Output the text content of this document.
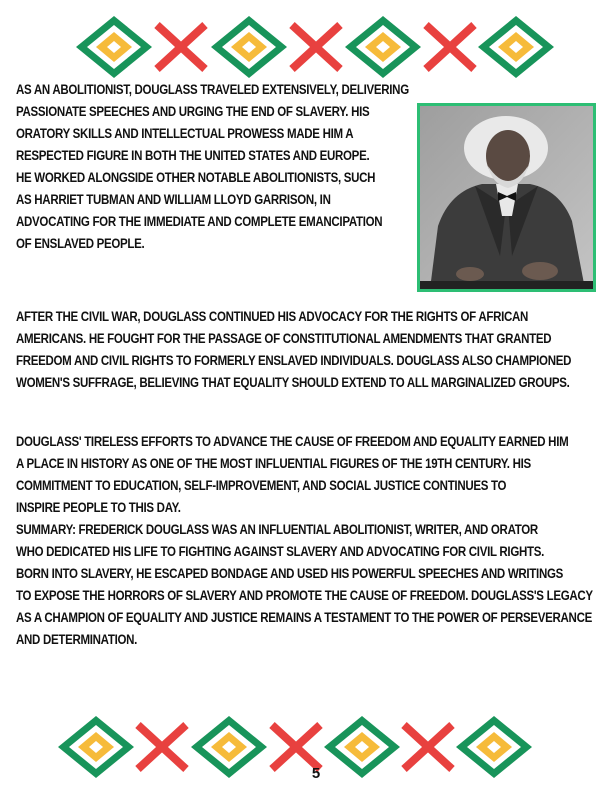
AS AN ABOLITIONIST, DOUGLASS TRAVELED EXTENSIVELY, DELIVERING
PASSIONATE SPEECHES AND URGING THE END OF SLAVERY. HIS
ORATORY SKILLS AND INTELLECTUAL PROWESS MADE HIM A
RESPECTED FIGURE IN BOTH THE UNITED STATES AND EUROPE.
HE WORKED ALONGSIDE OTHER NOTABLE ABOLITIONISTS, SUCH
AS HARRIET TUBMAN AND WILLIAM LLOYD GARRISON, IN
ADVOCATING FOR THE IMMEDIATE AND COMPLETE EMANCIPATION
OF ENSLAVED PEOPLE.
AFTER THE CIVIL WAR, DOUGLASS CONTINUED HIS ADVOCACY FOR THE RIGHTS OF AFRICAN
AMERICANS. HE FOUGHT FOR THE PASSAGE OF CONSTITUTIONAL AMENDMENTS THAT GRANTED
FREEDOM AND CIVIL RIGHTS TO FORMERLY ENSLAVED INDIVIDUALS. DOUGLASS ALSO CHAMPIONED
WOMEN'S SUFFRAGE, BELIEVING THAT EQUALITY SHOULD EXTEND TO ALL MARGINALIZED GROUPS.
DOUGLASS' TIRELESS EFFORTS TO ADVANCE THE CAUSE OF FREEDOM AND EQUALITY EARNED HIM
A PLACE IN HISTORY AS ONE OF THE MOST INFLUENTIAL FIGURES OF THE 19TH CENTURY. HIS
COMMITMENT TO EDUCATION, SELF-IMPROVEMENT, AND SOCIAL JUSTICE CONTINUES TO
INSPIRE PEOPLE TO THIS DAY.
SUMMARY: FREDERICK DOUGLASS WAS AN INFLUENTIAL ABOLITIONIST, WRITER, AND ORATOR
WHO DEDICATED HIS LIFE TO FIGHTING AGAINST SLAVERY AND ADVOCATING FOR CIVIL RIGHTS.
BORN INTO SLAVERY, HE ESCAPED BONDAGE AND USED HIS POWERFUL SPEECHES AND WRITINGS
TO EXPOSE THE HORRORS OF SLAVERY AND PROMOTE THE CAUSE OF FREEDOM. DOUGLASS'S LEGACY
AS A CHAMPION OF EQUALITY AND JUSTICE REMAINS A TESTAMENT TO THE POWER OF PERSEVERANCE
AND DETERMINATION.
5
